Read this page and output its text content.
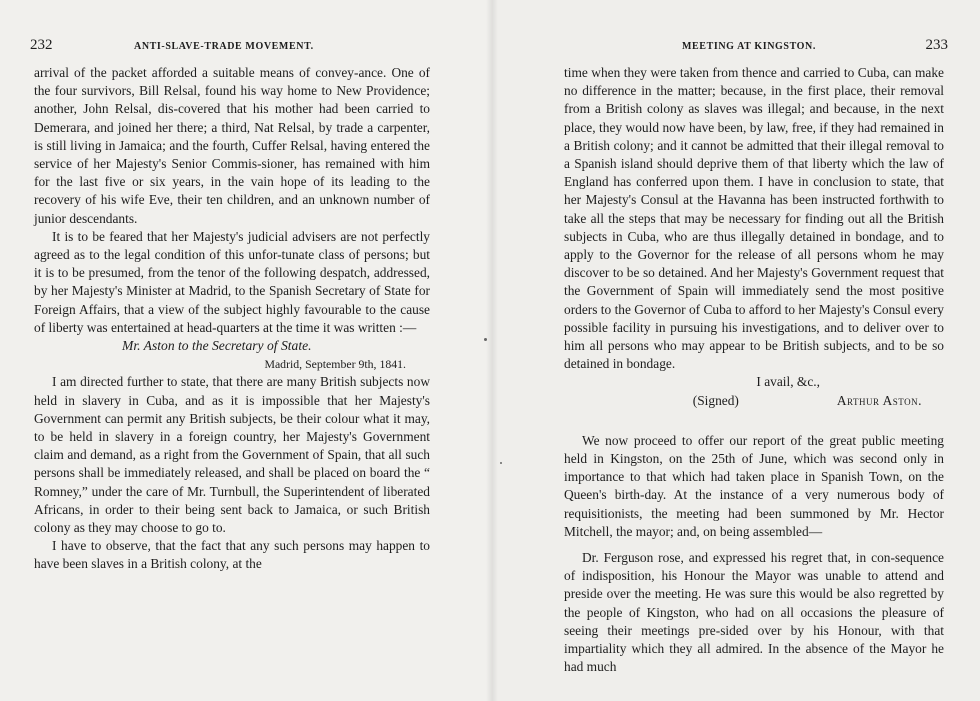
232	ANTI-SLAVE-TRADE MOVEMENT.

arrival of the packet afforded a suitable means of convey-ance. One of the four survivors, Bill Relsal, found his way home to New Providence; another, John Relsal, dis-covered that his mother had been carried to Demerara, and joined her there; a third, Nat Relsal, by trade a carpenter, is still living in Jamaica; and the fourth, Cuffer Relsal, having entered the service of her Majesty's Senior Commis-sioner, has remained with him for the last five or six years, in the vain hope of its leading to the recovery of his wife Eve, their ten children, and an unknown number of junior descendants.

It is to be feared that her Majesty's judicial advisers are not perfectly agreed as to the legal condition of this unfor-tunate class of persons; but it is to be presumed, from the tenor of the following despatch, addressed, by her Majesty's Minister at Madrid, to the Spanish Secretary of State for Foreign Affairs, that a view of the subject highly favourable to the cause of liberty was entertained at head-quarters at the time it was written :—

Mr. Aston to the Secretary of State.

Madrid, September 9th, 1841.

I am directed further to state, that there are many British subjects now held in slavery in Cuba, and as it is impossible that her Majesty's Government can permit any British subjects, be their colour what it may, to be held in slavery in a foreign country, her Majesty's Government claim and demand, as a right from the Government of Spain, that all such persons shall be immediately released, and shall be placed on board the “ Romney,” under the care of Mr. Turnbull, the Superintendent of liberated Africans, in order to their being sent back to Jamaica, or such British colony as they may choose to go to.

I have to observe, that the fact that any such persons may happen to have been slaves in a British colony, at the

MEETING AT KINGSTON.	233

time when they were taken from thence and carried to Cuba, can make no difference in the matter; because, in the first place, their removal from a British colony as slaves was illegal; and because, in the next place, they would now have been, by law, free, if they had remained in a British colony; and it cannot be admitted that their illegal removal to a Spanish island should deprive them of that liberty which the law of England has conferred upon them. I have in conclusion to state, that her Majesty's Consul at the Havanna has been instructed forthwith to take all the steps that may be necessary for finding out all the British subjects in Cuba, who are thus illegally detained in bondage, and to apply to the Governor for the release of all persons whom he may discover to be so detained. And her Majesty's Government request that the Government of Spain will immediately send the most positive orders to the Governor of Cuba to afford to her Majesty's Consul every possible facility in pursuing his investigations, and to deliver over to him all persons who may appear to be British subjects, and to be so detained in bondage.

I avail, &c.,

(Signed)	Arthur Aston.

We now proceed to offer our report of the great public meeting held in Kingston, on the 25th of June, which was second only in importance to that which had taken place in Spanish Town, on the Queen's birth-day. At the instance of a very numerous body of requisitionists, the meeting had been summoned by Mr. Hector Mitchell, the mayor; and, on being assembled—

Dr. Ferguson rose, and expressed his regret that, in con-sequence of indisposition, his Honour the Mayor was unable to attend and preside over the meeting. He was sure this would be also regretted by the people of Kingston, who had on all occasions the pleasure of seeing their meetings pre-sided over by his Honour, with that impartiality which they all admired. In the absence of the Mayor he had much
